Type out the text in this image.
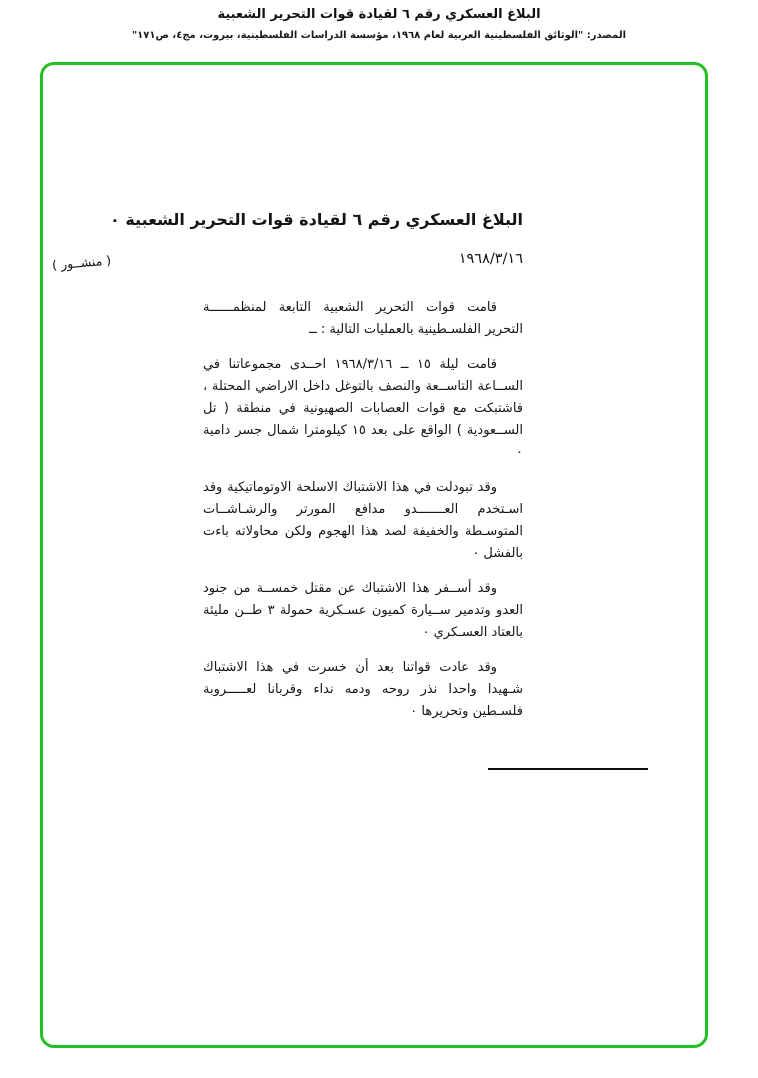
البلاغ العسكري رقم ٦ لقيادة قوات التحرير الشعبية
المصدر: "الوثائق الفلسطينية العربية لعام ١٩٦٨، مؤسسة الدراسات الفلسطينية، بيروت، مج٤، ص١٧١"
( منشــور )
البلاغ العسكري رقم ٦ لقيادة قوات التحرير الشعبية ٠
١٩٦٨/٣/١٦

قامت قوات التحرير الشعبية التابعة لمنظمــــــة التحرير الفلسـطينية بالعمليات التالية : ــ

قامت ليلة ١٥ ــ ١٩٦٨/٣/١٦ احــدى مجموعاتنا في الســاعة التاســعة والنصف بالتوغل داخل الاراضي المحتلة ، فاشتبكت مع قوات العصابات الصهيونية في منطقة ( تل الســعودية ) الواقع على بعد ١٥ كيلومترا شمال جسر دامية ٠

وقد تبودلت في هذا الاشتباك الاسلحة الاوتوماتيكية وقد اسـتخدم العـــــــدو مدافع المورتر والرشـاشــات المتوسـطة والخفيفة لصد هذا الهجوم ولكن محاولاته باءت بالفشل ٠

وقد أســفر هذا الاشتباك عن مقتل خمســة من جنود العدو وتدمير ســيارة كميون عسـكرية حمولة ٣ طــن مليئة بالعتاد العسـكري ٠

وقد عادت قواتنا بعد أن خسرت في هذا الاشتباك شـهيدا واحدا نذر روحه ودمه نداء وقربانا لعـــــروبة فلسـطين وتحريرها ٠
